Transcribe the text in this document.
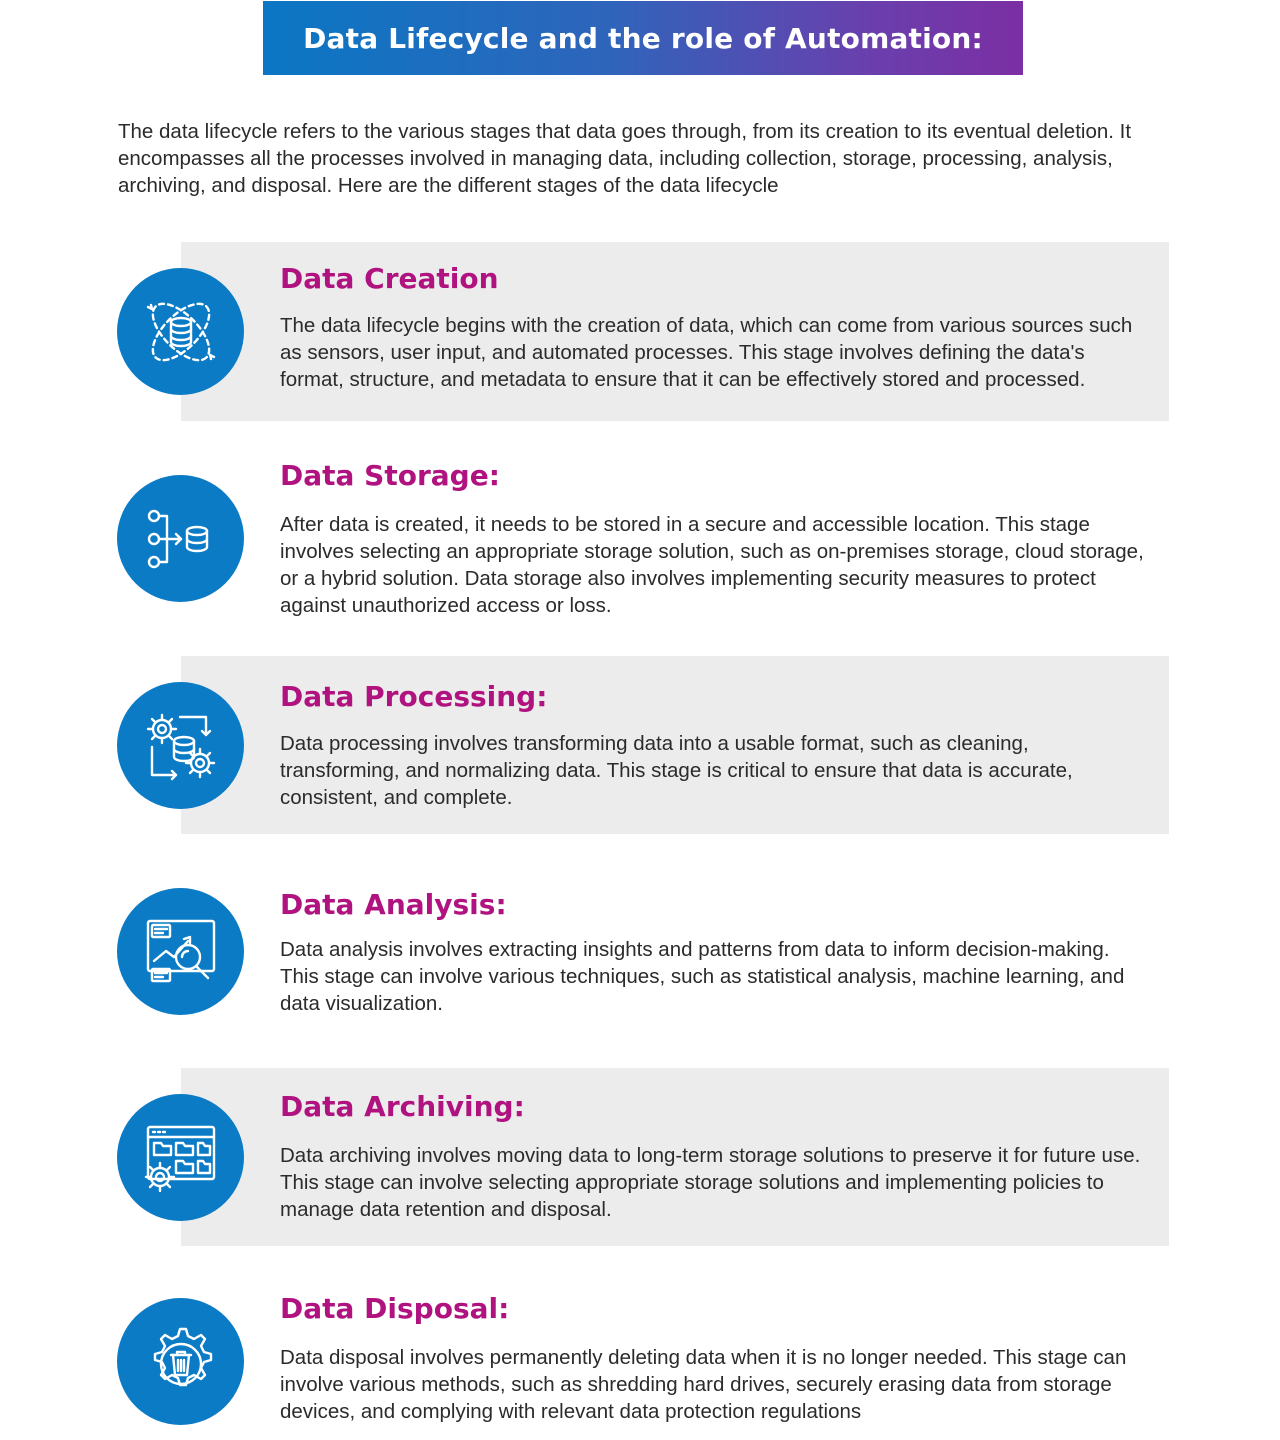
Data Lifecycle and the role of Automation:

The data lifecycle refers to the various stages that data goes through, from its creation to its eventual deletion. It encompasses all the processes involved in managing data, including collection, storage, processing, analysis, archiving, and disposal. Here are the different stages of the data lifecycle

Data Creation

The data lifecycle begins with the creation of data, which can come from various sources such as sensors, user input, and automated processes. This stage involves defining the data's format, structure, and metadata to ensure that it can be effectively stored and processed.

Data Storage:

After data is created, it needs to be stored in a secure and accessible location. This stage involves selecting an appropriate storage solution, such as on-premises storage, cloud storage, or a hybrid solution. Data storage also involves implementing security measures to protect against unauthorized access or loss.

Data Processing:

Data processing involves transforming data into a usable format, such as cleaning, transforming, and normalizing data. This stage is critical to ensure that data is accurate, consistent, and complete.

Data Analysis:

Data analysis involves extracting insights and patterns from data to inform decision-making. This stage can involve various techniques, such as statistical analysis, machine learning, and data visualization.

Data Archiving:

Data archiving involves moving data to long-term storage solutions to preserve it for future use. This stage can involve selecting appropriate storage solutions and implementing policies to manage data retention and disposal.

Data Disposal:

Data disposal involves permanently deleting data when it is no longer needed. This stage can involve various methods, such as shredding hard drives, securely erasing data from storage devices, and complying with relevant data protection regulations
